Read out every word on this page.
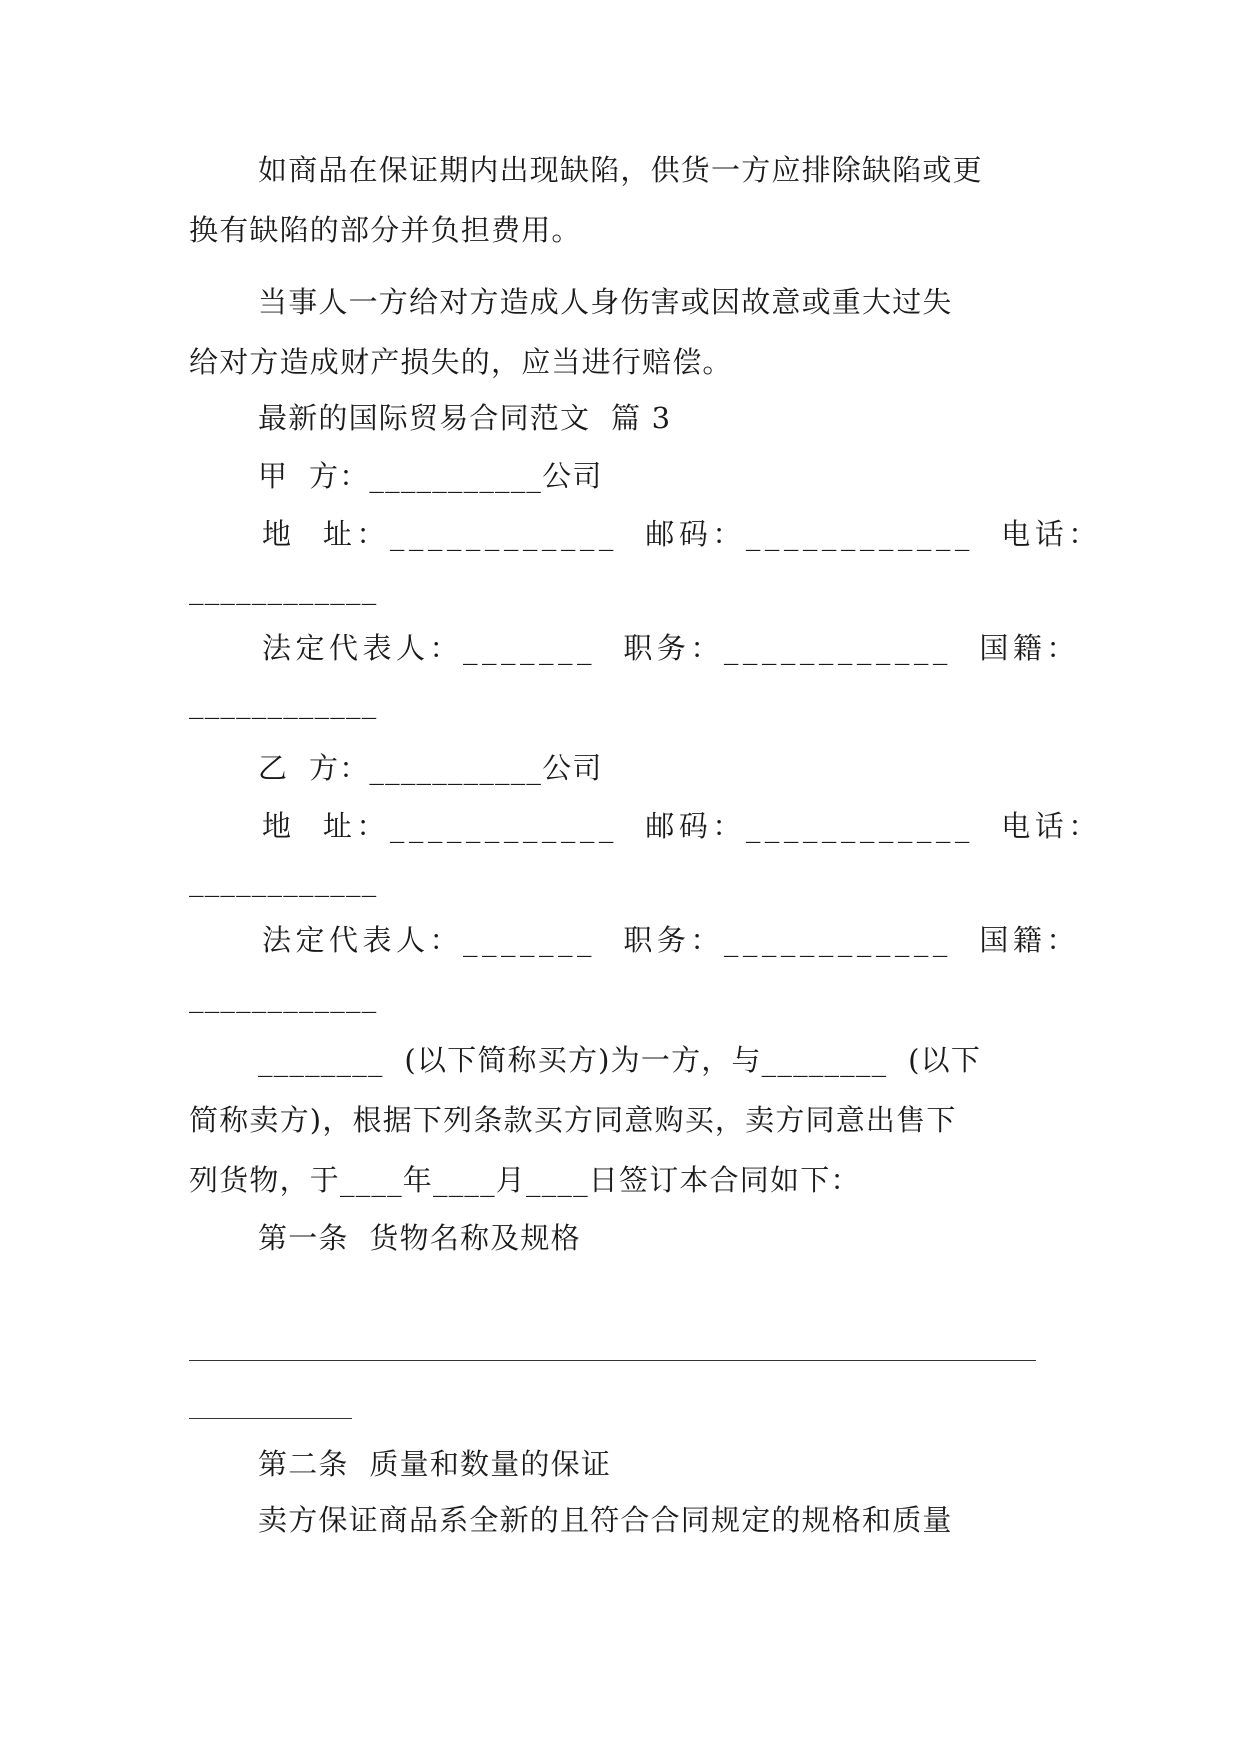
如商品在保证期内出现缺陷，供货一方应排除缺陷或更
换有缺陷的部分并负担费用。
当事人一方给对方造成人身伤害或因故意或重大过失
给对方造成财产损失的，应当进行赔偿。
最新的国际贸易合同范文  篇 3
甲  方：___________公司
地  址：____________  邮码：____________  电话：
____________
法定代表人：_______  职务：____________  国籍：
____________
乙  方：___________公司
地  址：____________  邮码：____________  电话：
____________
法定代表人：_______  职务：____________  国籍：
____________
________  (以下简称买方)为一方，与________  (以下
简称卖方)，根据下列条款买方同意购买，卖方同意出售下
列货物，于____年____月____日签订本合同如下：
第一条  货物名称及规格
第二条  质量和数量的保证
卖方保证商品系全新的且符合合同规定的规格和质量
